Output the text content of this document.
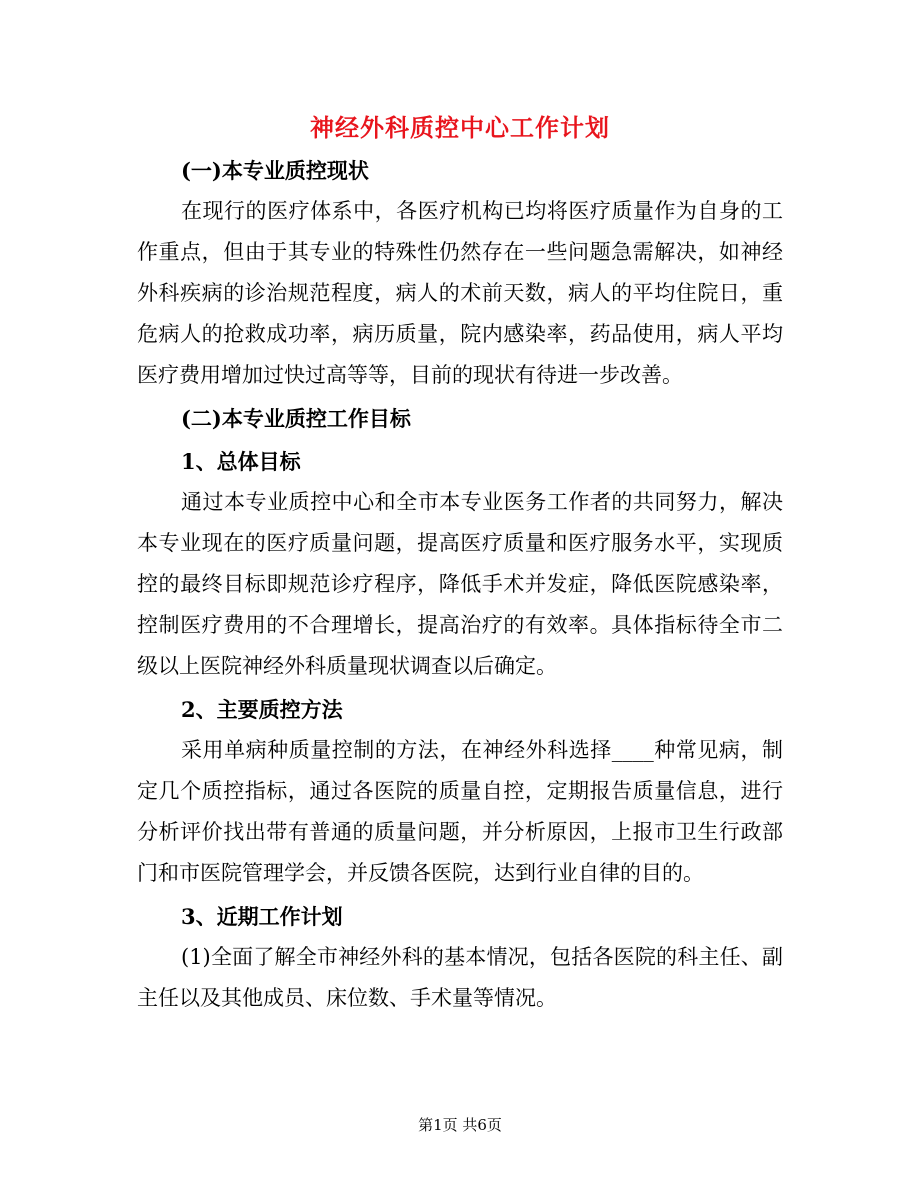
神经外科质控中心工作计划
(一)本专业质控现状
在现行的医疗体系中，各医疗机构已均将医疗质量作为自身的工
作重点，但由于其专业的特殊性仍然存在一些问题急需解决，如神经
外科疾病的诊治规范程度，病人的术前天数，病人的平均住院日，重
危病人的抢救成功率，病历质量，院内感染率，药品使用，病人平均
医疗费用增加过快过高等等，目前的现状有待进一步改善。
(二)本专业质控工作目标
1、总体目标
通过本专业质控中心和全市本专业医务工作者的共同努力，解决
本专业现在的医疗质量问题，提高医疗质量和医疗服务水平，实现质
控的最终目标即规范诊疗程序，降低手术并发症，降低医院感染率，
控制医疗费用的不合理增长，提高治疗的有效率。具体指标待全市二
级以上医院神经外科质量现状调查以后确定。
2、主要质控方法
采用单病种质量控制的方法，在神经外科选择____种常见病，制
定几个质控指标，通过各医院的质量自控，定期报告质量信息，进行
分析评价找出带有普通的质量问题，并分析原因，上报市卫生行政部
门和市医院管理学会，并反馈各医院，达到行业自律的目的。
3、近期工作计划
(1)全面了解全市神经外科的基本情况，包括各医院的科主任、副
主任以及其他成员、床位数、手术量等情况。
第1页 共6页
